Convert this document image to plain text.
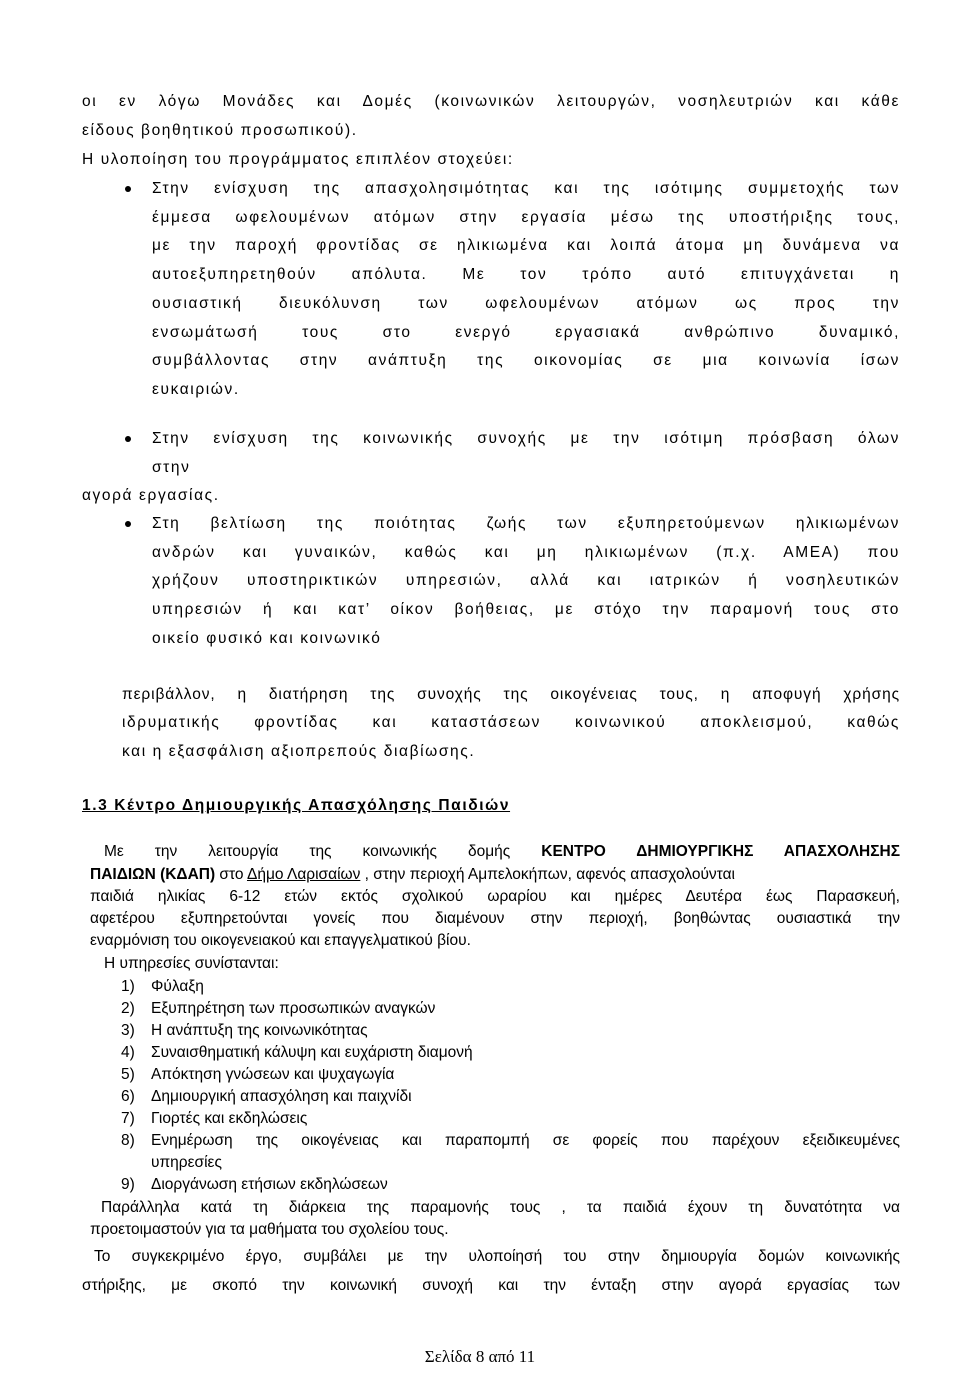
οι εν λόγω Μονάδες και Δομές (κοινωνικών λειτουργών, νοσηλευτριών και κάθε
είδους βοηθητικού προσωπικού).
Η υλοποίηση του προγράμματος επιπλέον στοχεύει:
Στην ενίσχυση της απασχολησιμότητας και της ισότιμης συμμετοχής των
έμμεσα ωφελουμένων ατόμων στην εργασία μέσω της υποστήριξης τους,
με την παροχή φροντίδας σε ηλικιωμένα και λοιπά άτομα μη δυνάμενα να
αυτοεξυπηρετηθούν απόλυτα. Με τον τρόπο αυτό επιτυγχάνεται η
ουσιαστική διευκόλυνση των ωφελουμένων ατόμων ως προς την
ενσωμάτωσή τους στο ενεργό εργασιακά ανθρώπινο δυναμικό,
συμβάλλοντας στην ανάπτυξη της οικονομίας σε μια κοινωνία ίσων
ευκαιριών.
Στην ενίσχυση της κοινωνικής συνοχής με την ισότιμη πρόσβαση όλων
στην
αγορά εργασίας.
Στη βελτίωση της ποιότητας ζωής των εξυπηρετούμενων ηλικιωμένων
ανδρών και γυναικών, καθώς και μη ηλικιωμένων (π.χ. ΑΜΕΑ) που
χρήζουν υποστηρικτικών υπηρεσιών, αλλά και ιατρικών ή νοσηλευτικών
υπηρεσιών ή και κατ’ οίκον βοήθειας, με στόχο την παραμονή τους στο
οικείο φυσικό και κοινωνικό
περιβάλλον, η διατήρηση της συνοχής της οικογένειας τους, η αποφυγή χρήσης
ιδρυματικής φροντίδας και καταστάσεων κοινωνικού αποκλεισμού, καθώς
και η εξασφάλιση αξιοπρεπούς διαβίωσης.
1.3 Κέντρο Δημιουργικής Απασχόλησης Παιδιών
Με την λειτουργία της κοινωνικής δομής ΚΕΝΤΡΟ ΔΗΜΙΟΥΡΓΙΚΗΣ ΑΠΑΣΧΟΛΗΣΗΣ
ΠΑΙΔΙΩΝ (ΚΔΑΠ) στο Δήμο Λαρισαίων , στην περιοχή Αμπελοκήπων, αφενός απασχολούνται
παιδιά ηλικίας 6-12 ετών εκτός σχολικού ωραρίου και ημέρες Δευτέρα έως Παρασκευή,
αφετέρου εξυπηρετούνται γονείς που διαμένουν στην περιοχή, βοηθώντας ουσιαστικά την
εναρμόνιση του οικογενειακού και επαγγελματικού βίου.
Η υπηρεσίες συνίστανται:
1) Φύλαξη
2) Εξυπηρέτηση των προσωπικών αναγκών
3) Η ανάπτυξη της κοινωνικότητας
4) Συναισθηματική κάλυψη και ευχάριστη διαμονή
5) Απόκτηση γνώσεων και ψυχαγωγία
6) Δημιουργική απασχόληση και παιχνίδι
7) Γιορτές και εκδηλώσεις
8) Ενημέρωση της οικογένειας και παραπομπή σε φορείς που παρέχουν εξειδικευμένες
υπηρεσίες
9) Διοργάνωση ετήσιων εκδηλώσεων
Παράλληλα κατά τη διάρκεια της παραμονής τους , τα παιδιά έχουν τη δυνατότητα να
προετοιμαστούν για τα μαθήματα του σχολείου τους.
Το συγκεκριμένο έργο, συμβάλει με την υλοποίησή του στην δημιουργία δομών κοινωνικής
στήριξης, με σκοπό την κοινωνική συνοχή και την ένταξη στην αγορά εργασίας των
Σελίδα 8 από 11
